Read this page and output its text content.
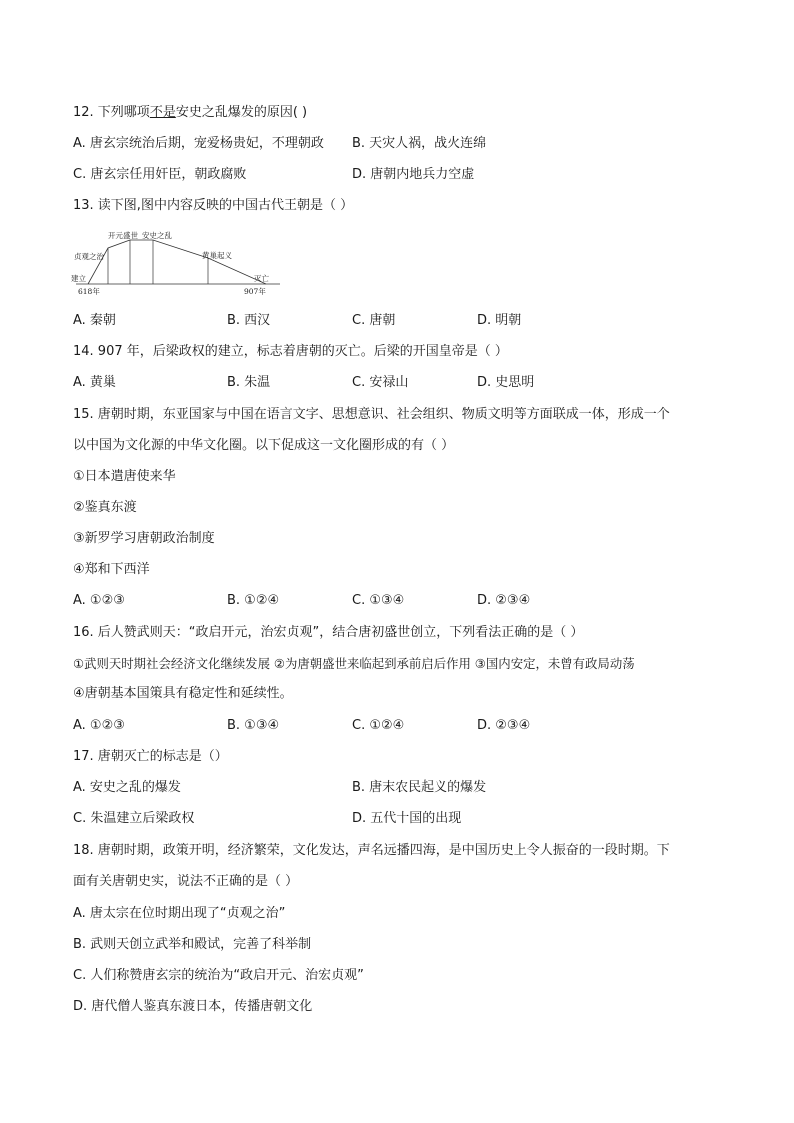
12. 下列哪项不是安史之乱爆发的原因( )
A. 唐玄宗统治后期，宠爱杨贵妃，不理朝政 B. 天灾人祸，战火连绵
C. 唐玄宗任用奸臣，朝政腐败	D. 唐朝内地兵力空虚
13. 读下图,图中内容反映的中国古代王朝是（ ）
开元盛世 安史之乱
贞观之治	黄巢起义
建立	灭亡
618年	907年
A. 秦朝	B. 西汉	C. 唐朝	D. 明朝
14. 907 年，后梁政权的建立，标志着唐朝的灭亡。后梁的开国皇帝是（ ）
A. 黄巢	B. 朱温	C. 安禄山	D. 史思明
15. 唐朝时期，东亚国家与中国在语言文字、思想意识、社会组织、物质文明等方面联成一体，形成一个
以中国为文化源的中华文化圈。以下促成这一文化圈形成的有（ ）
①日本遣唐使来华
②鉴真东渡
③新罗学习唐朝政治制度
④郑和下西洋
A. ①②③	B. ①②④	C. ①③④	D. ②③④
16. 后人赞武则天：“政启开元，治宏贞观”，结合唐初盛世创立，下列看法正确的是（ ）
①武则天时期社会经济文化继续发展 ②为唐朝盛世来临起到承前启后作用 ③国内安定，未曾有政局动荡
④唐朝基本国策具有稳定性和延续性。
A. ①②③	B. ①③④	C. ①②④	D. ②③④
17. 唐朝灭亡的标志是（）
A. 安史之乱的爆发	B. 唐末农民起义的爆发
C. 朱温建立后梁政权	D. 五代十国的出现
18. 唐朝时期，政策开明，经济繁荣，文化发达，声名远播四海，是中国历史上令人振奋的一段时期。下
面有关唐朝史实，说法不正确的是（ ）
A. 唐太宗在位时期出现了“贞观之治”
B. 武则天创立武举和殿试，完善了科举制
C. 人们称赞唐玄宗的统治为“政启开元、治宏贞观”
D. 唐代僧人鉴真东渡日本，传播唐朝文化
